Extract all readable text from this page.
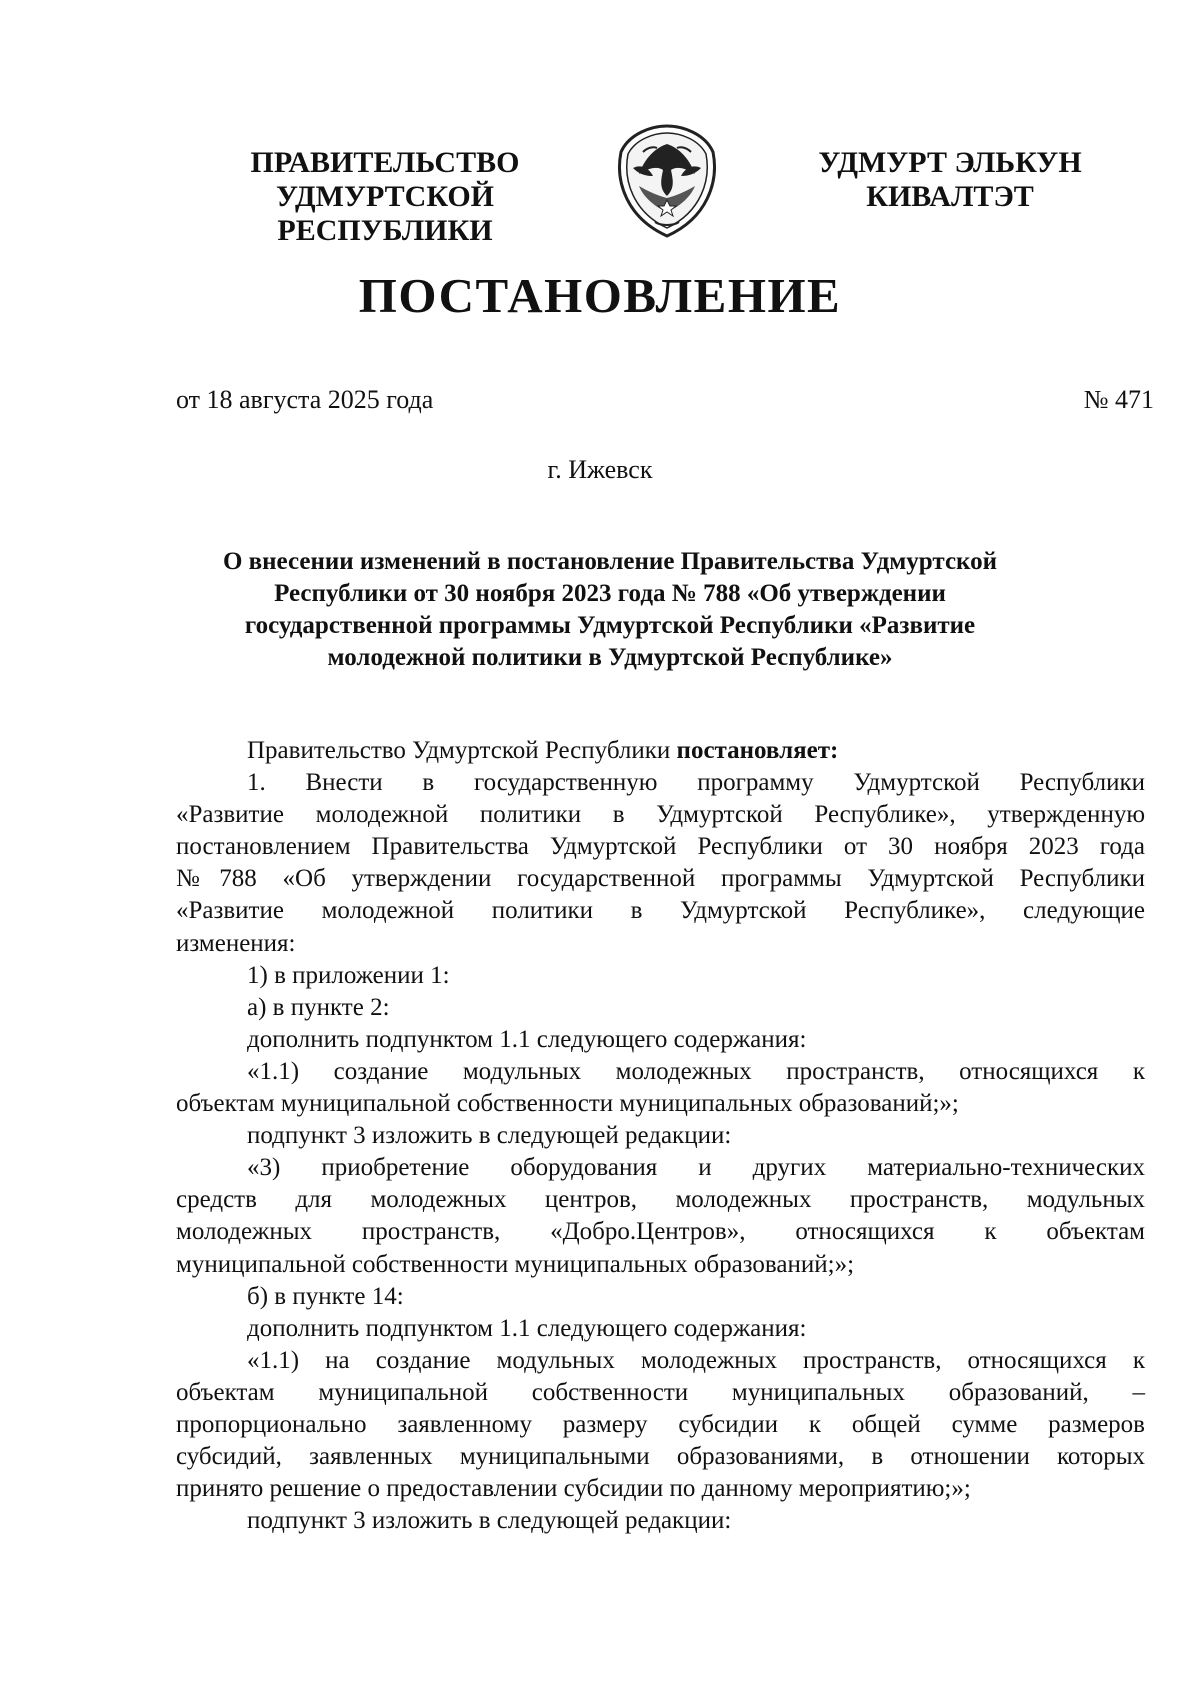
ПРАВИТЕЛЬСТВО
УДМУРТСКОЙ РЕСПУБЛИКИ
УДМУРТ ЭЛЬКУН
КИВАЛТЭТ
ПОСТАНОВЛЕНИЕ
от 18 августа 2025 года	№ 471
г. Ижевск
О внесении изменений в постановление Правительства Удмуртской
Республики от 30 ноября 2023 года № 788 «Об утверждении
государственной программы Удмуртской Республики «Развитие
молодежной политики в Удмуртской Республике»

Правительство Удмуртской Республики постановляет:

1. Внести в государственную программу Удмуртской Республики

«Развитие молодежной политики в Удмуртской Республике», утвержденную

постановлением Правительства Удмуртской Республики от 30 ноября 2023 года

№788 «Об утверждении государственной программы Удмуртской Республики

«Развитие молодежной политики в Удмуртской Республике», следующие

изменения:

1) в приложении 1:

а) в пункте 2:

дополнить подпунктом 1.1 следующего содержания:

«1.1) создание модульных молодежных пространств, относящихся к

объектам муниципальной собственности муниципальных образований;»;

подпункт 3 изложить в следующей редакции:

«3) приобретение оборудования и других материально-технических

средств для молодежных центров, молодежных пространств, модульных

молодежных пространств, «Добро.Центров», относящихся к объектам

муниципальной собственности муниципальных образований;»;

б) в пункте 14:

дополнить подпунктом 1.1 следующего содержания:

«1.1) на создание модульных молодежных пространств, относящихся к

объектам муниципальной собственности муниципальных образований, –

пропорционально заявленному размеру субсидии к общей сумме размеров

субсидий, заявленных муниципальными образованиями, в отношении которых

принято решение о предоставлении субсидии по данному мероприятию;»;

подпункт 3 изложить в следующей редакции:
